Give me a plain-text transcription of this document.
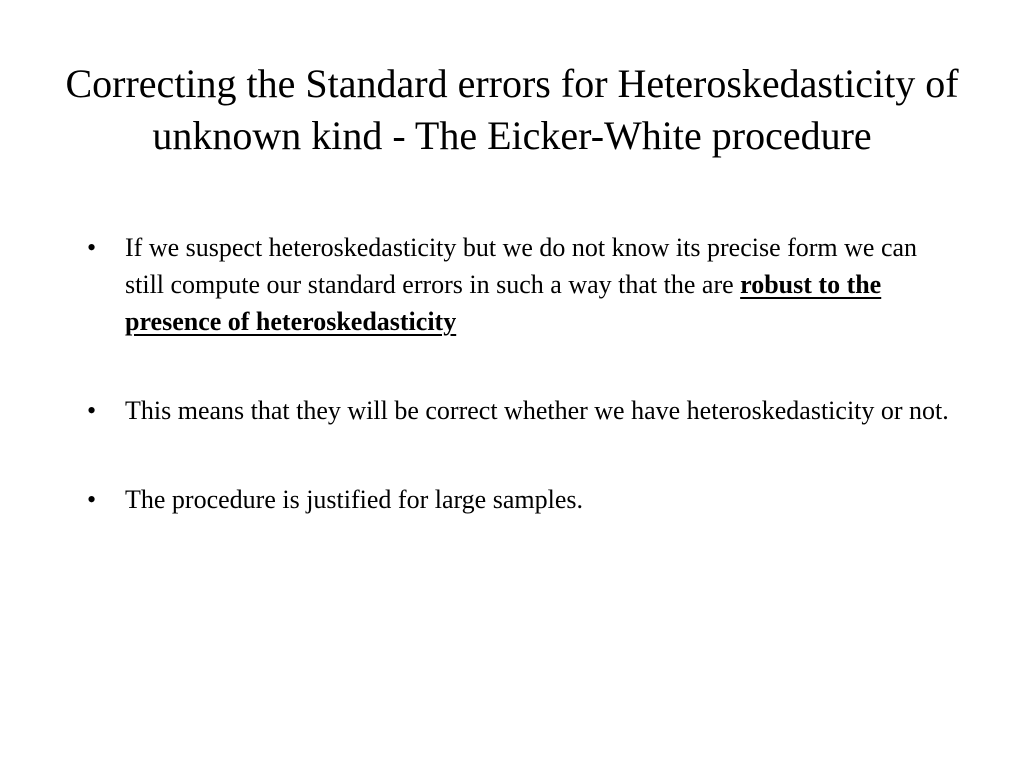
Correcting the Standard errors for Heteroskedasticity of unknown kind - The Eicker-White procedure
• If we suspect heteroskedasticity but we do not know its precise form we can still compute our standard errors in such a way that the are robust to the presence of heteroskedasticity
• This means that they will be correct whether we have heteroskedasticity or not.
• The procedure is justified for large samples.
